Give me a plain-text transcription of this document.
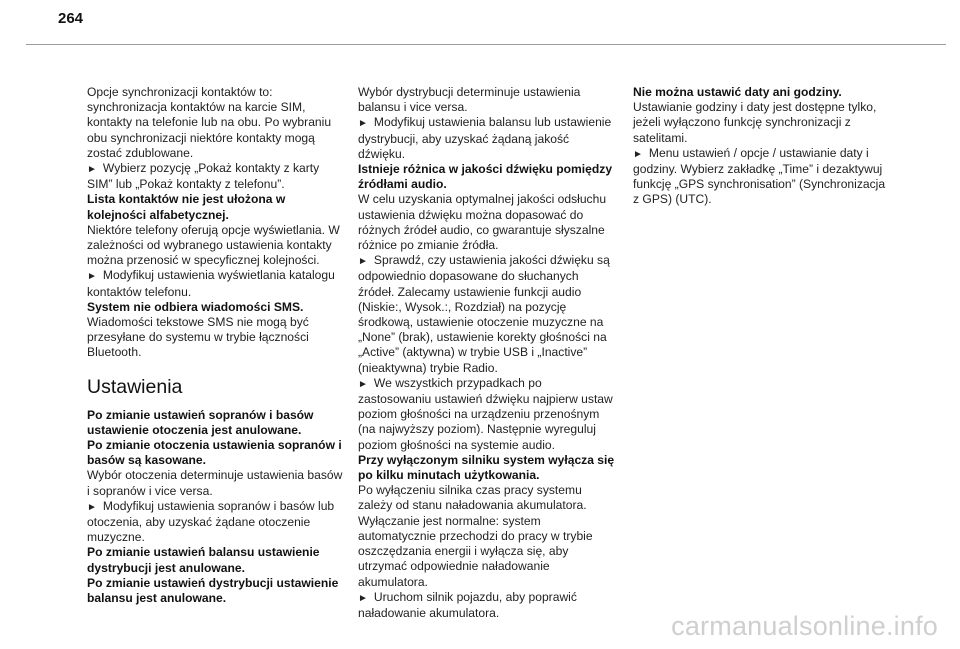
264

Opcje synchronizacji kontaktów to: synchronizacja kontaktów na karcie SIM, kontakty na telefonie lub na obu. Po wybraniu obu synchronizacji niektóre kontakty mogą zostać zdublowane.

► Wybierz pozycję „Pokaż kontakty z karty SIM” lub „Pokaż kontakty z telefonu”.

Lista kontaktów nie jest ułożona w kolejności alfabetycznej.

Niektóre telefony oferują opcje wyświetlania. W zależności od wybranego ustawienia kontakty można przenosić w specyficznej kolejności.

► Modyfikuj ustawienia wyświetlania katalogu kontaktów telefonu.

System nie odbiera wiadomości SMS.

Wiadomości tekstowe SMS nie mogą być przesyłane do systemu w trybie łączności Bluetooth.

Ustawienia

Po zmianie ustawień sopranów i basów ustawienie otoczenia jest anulowane.

Po zmianie otoczenia ustawienia sopranów i basów są kasowane.

Wybór otoczenia determinuje ustawienia basów i sopranów i vice versa.

► Modyfikuj ustawienia sopranów i basów lub otoczenia, aby uzyskać żądane otoczenie muzyczne.

Po zmianie ustawień balansu ustawienie dystrybucji jest anulowane.

Po zmianie ustawień dystrybucji ustawienie balansu jest anulowane.

Wybór dystrybucji determinuje ustawienia balansu i vice versa.

► Modyfikuj ustawienia balansu lub ustawienie dystrybucji, aby uzyskać żądaną jakość dźwięku.

Istnieje różnica w jakości dźwięku pomiędzy źródłami audio.

W celu uzyskania optymalnej jakości odsłuchu ustawienia dźwięku można dopasować do różnych źródeł audio, co gwarantuje słyszalne różnice po zmianie źródła.

► Sprawdź, czy ustawienia jakości dźwięku są odpowiednio dopasowane do słuchanych źródeł. Zalecamy ustawienie funkcji audio (Niskie:, Wysok.:, Rozdział) na pozycję środkową, ustawienie otoczenie muzyczne na „None” (brak), ustawienie korekty głośności na „Active” (aktywna) w trybie USB i „Inactive” (nieaktywna) trybie Radio.

► We wszystkich przypadkach po zastosowaniu ustawień dźwięku najpierw ustaw poziom głośności na urządzeniu przenośnym (na najwyższy poziom). Następnie wyreguluj poziom głośności na systemie audio.

Przy wyłączonym silniku system wyłącza się po kilku minutach użytkowania.

Po wyłączeniu silnika czas pracy systemu zależy od stanu naładowania akumulatora.

Wyłączanie jest normalne: system automatycznie przechodzi do pracy w trybie oszczędzania energii i wyłącza się, aby utrzymać odpowiednie naładowanie akumulatora.

► Uruchom silnik pojazdu, aby poprawić naładowanie akumulatora.

Nie można ustawić daty ani godziny.

Ustawianie godziny i daty jest dostępne tylko, jeżeli wyłączono funkcję synchronizacji z satelitami.

► Menu ustawień / opcje / ustawianie daty i godziny. Wybierz zakładkę „Time” i dezaktywuj funkcję „GPS synchronisation” (Synchronizacja z GPS) (UTC).

carmanualsonline.info
